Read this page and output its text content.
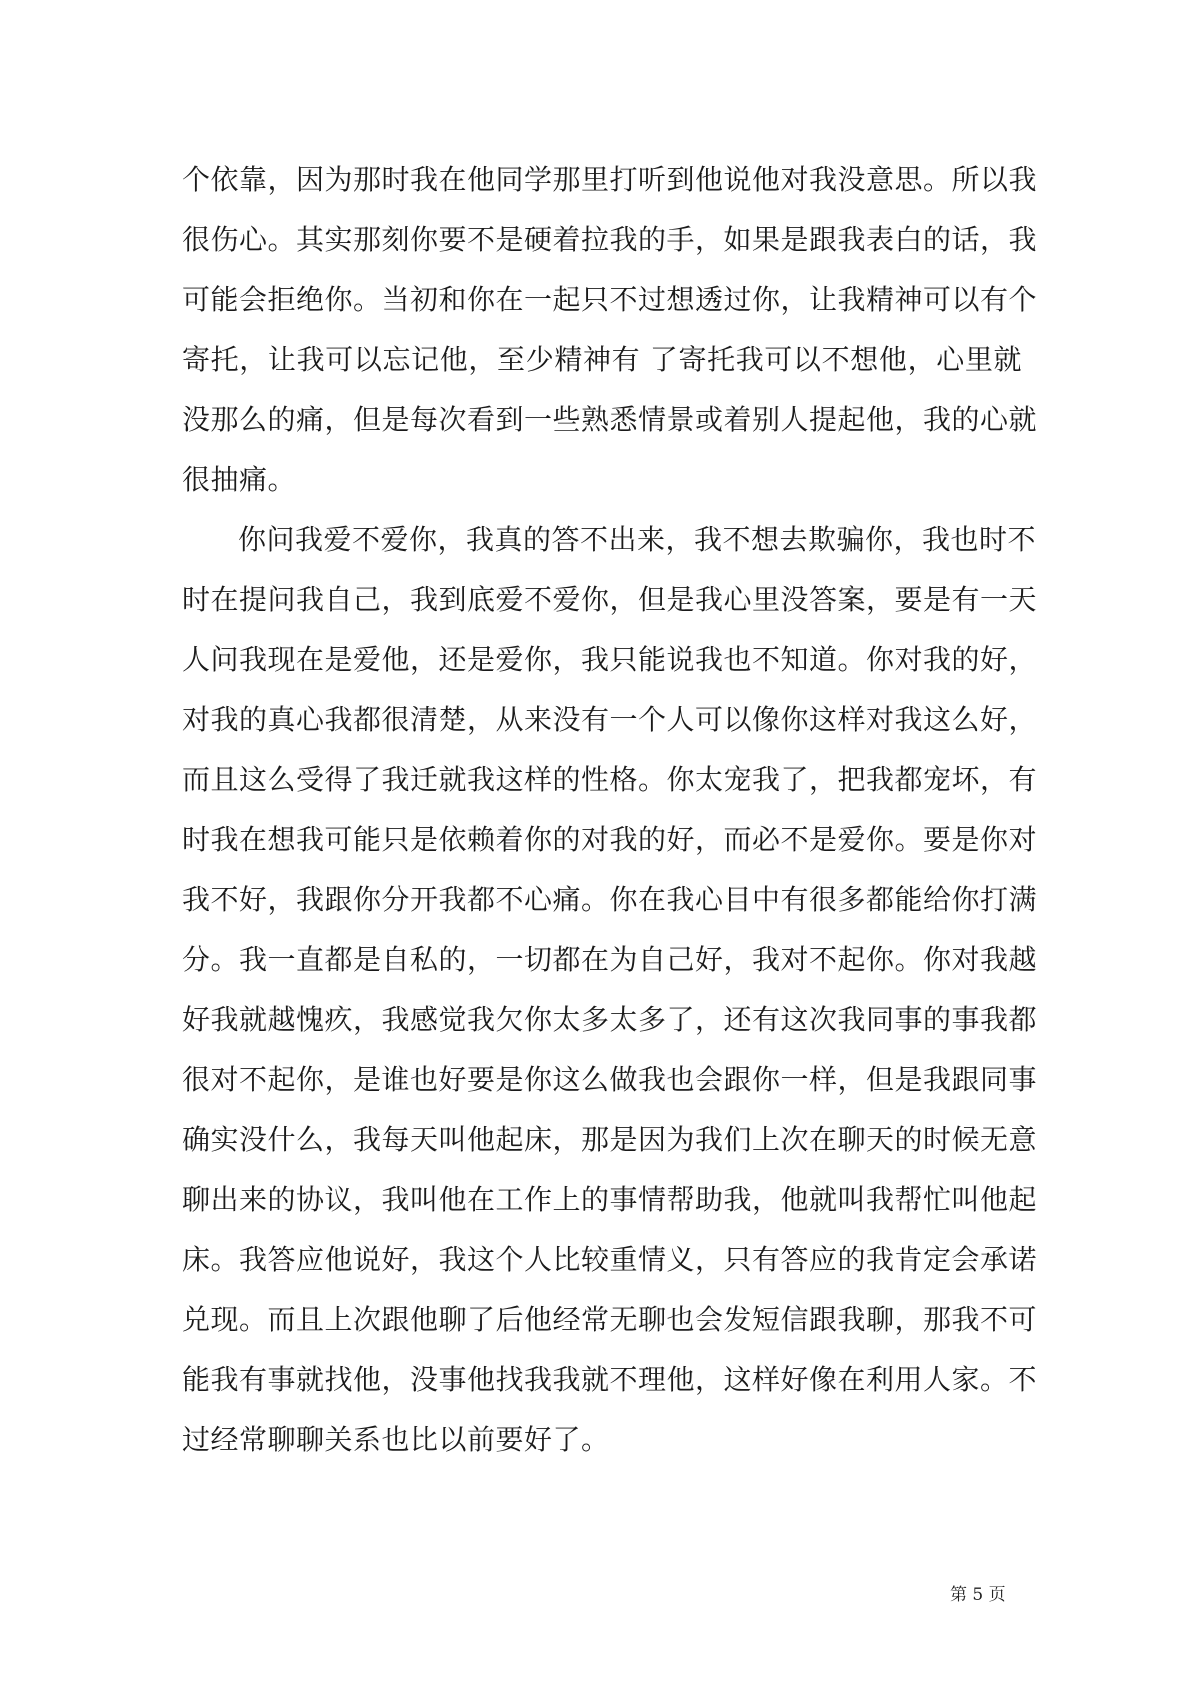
个依靠，因为那时我在他同学那里打听到他说他对我没意思。所以我
很伤心。其实那刻你要不是硬着拉我的手，如果是跟我表白的话，我
可能会拒绝你。当初和你在一起只不过想透过你，让我精神可以有个
寄托，让我可以忘记他，至少精神有 了寄托我可以不想他，心里就
没那么的痛，但是每次看到一些熟悉情景或着别人提起他，我的心就
很抽痛。
你问我爱不爱你，我真的答不出来，我不想去欺骗你，我也时不
时在提问我自己，我到底爱不爱你，但是我心里没答案，要是有一天
人问我现在是爱他，还是爱你，我只能说我也不知道。你对我的好，
对我的真心我都很清楚，从来没有一个人可以像你这样对我这么好，
而且这么受得了我迁就我这样的性格。你太宠我了，把我都宠坏，有
时我在想我可能只是依赖着你的对我的好，而必不是爱你。要是你对
我不好，我跟你分开我都不心痛。你在我心目中有很多都能给你打满
分。我一直都是自私的，一切都在为自己好，我对不起你。你对我越
好我就越愧疚，我感觉我欠你太多太多了，还有这次我同事的事我都
很对不起你，是谁也好要是你这么做我也会跟你一样，但是我跟同事
确实没什么，我每天叫他起床，那是因为我们上次在聊天的时候无意
聊出来的协议，我叫他在工作上的事情帮助我，他就叫我帮忙叫他起
床。我答应他说好，我这个人比较重情义，只有答应的我肯定会承诺
兑现。而且上次跟他聊了后他经常无聊也会发短信跟我聊，那我不可
能我有事就找他，没事他找我我就不理他，这样好像在利用人家。不
过经常聊聊关系也比以前要好了。
第 5 页
